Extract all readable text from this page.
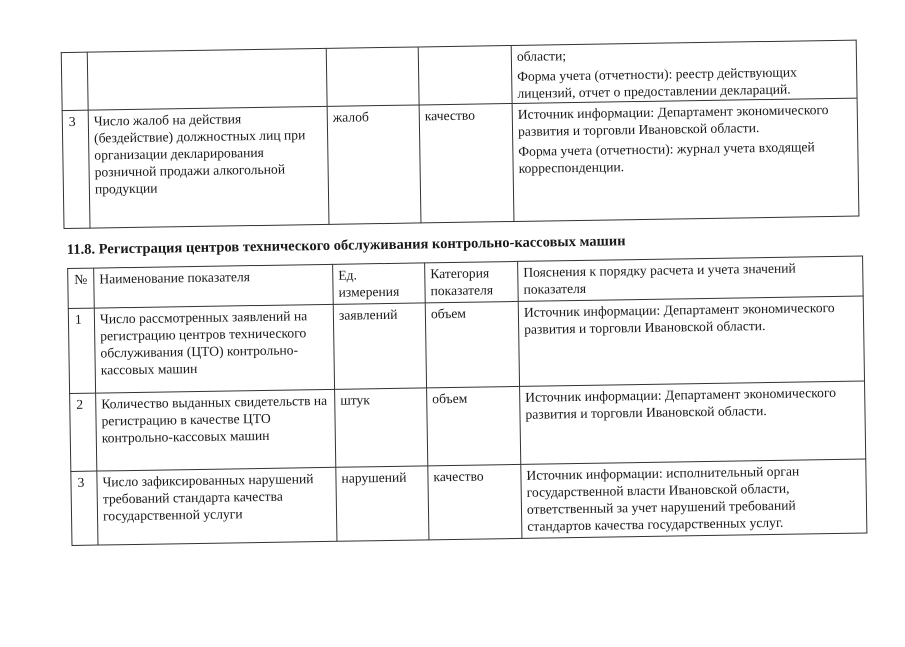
				области;

Форма учета (отчетности): реестр действующих лицензий, отчет о предоставлении деклараций.

3	Число жалоб на действия (бездействие) должностных лиц при организации декларирования розничной продажи алкогольной продукции	жалоб	качество	Источник информации: Департамент экономического развития и торговли Ивановской области.

Форма учета (отчетности): журнал учета входящей корреспонденции.

11.8. Регистрация центров технического обслуживания контрольно-кассовых машин
№	Наименование показателя	Ед. измерения	Категория показателя	Пояснения к порядку расчета и учета значений показателя
1	Число рассмотренных заявлений на регистрацию центров технического обслуживания (ЦТО) контрольно-кассовых машин	заявлений	объем	Источник информации: Департамент экономического развития и торговли Ивановской области.
2	Количество выданных свидетельств на регистрацию в качестве ЦТО контрольно-кассовых машин	штук	объем	Источник информации: Департамент экономического развития и торговли Ивановской области.
3	Число зафиксированных нарушений требований стандарта качества государственной услуги	нарушений	качество	Источник информации: исполнительный орган государственной власти Ивановской области, ответственный за учет нарушений требований стандартов качества государственных услуг.
